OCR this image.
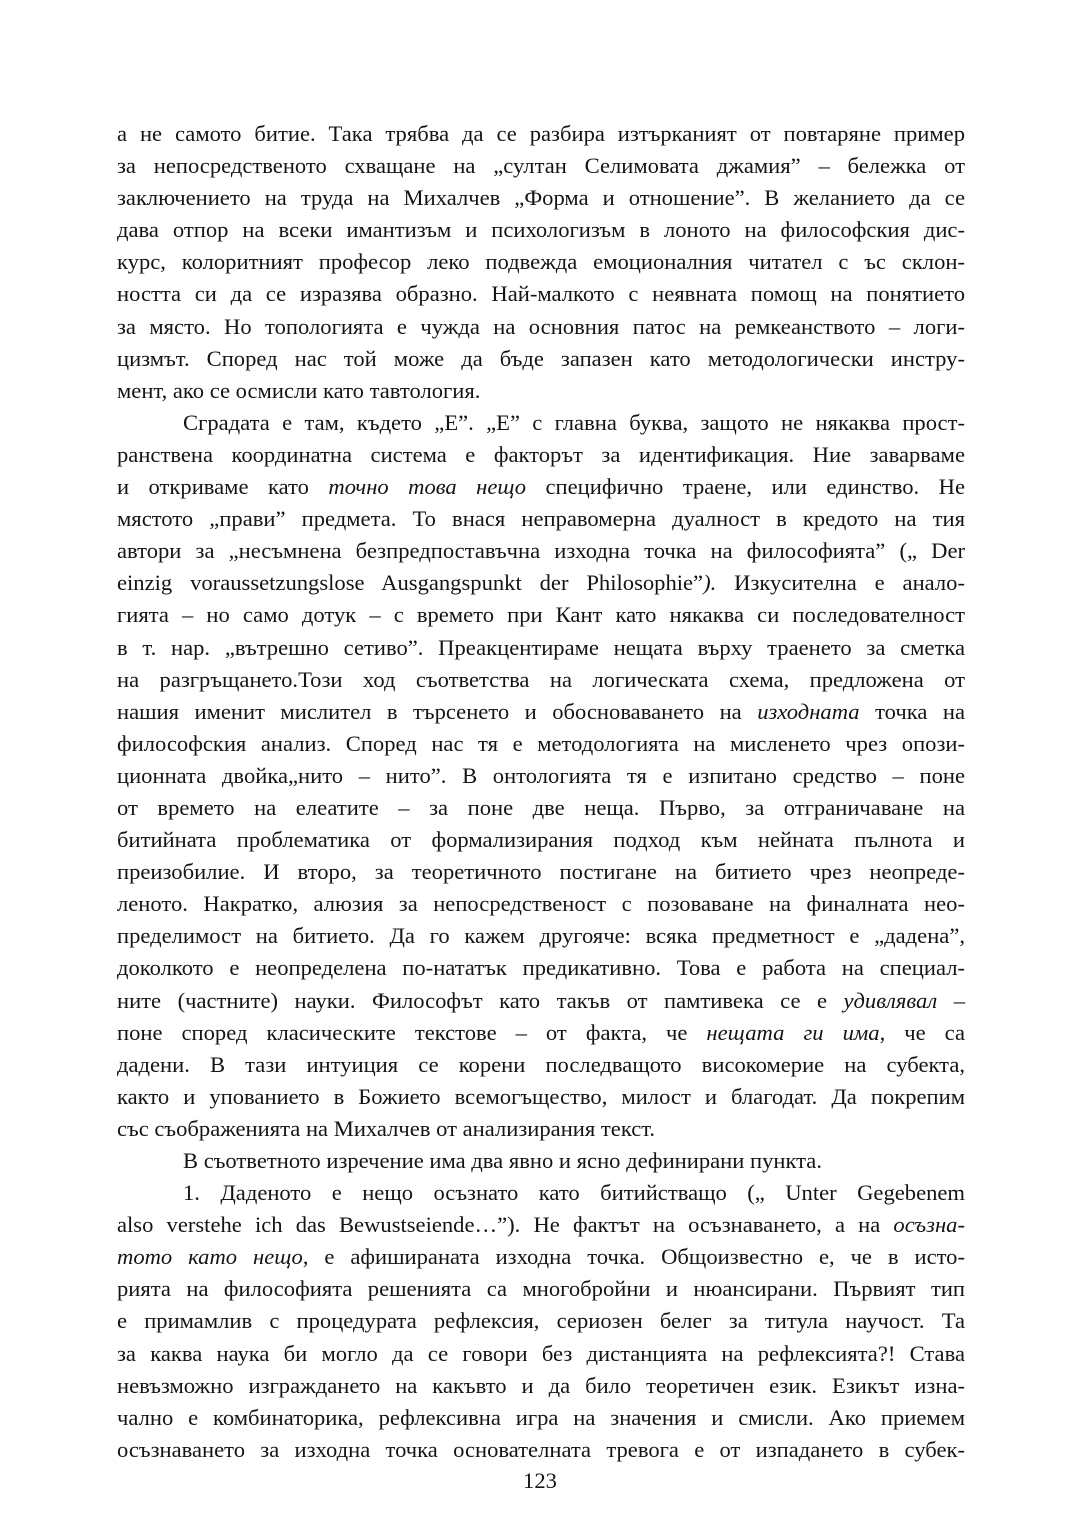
а не самото битие. Така трябва да се разбира изтърканият от повтаряне пример
за непосредственото схващане на „султан Селимовата джамия” – бележка от
заключението на труда на Михалчев „Форма и отношение”. В желанието да се
дава отпор на всеки имантизъм и психологизъм в лоното на философския дис-
курс, колоритният професор леко подвежда емоционалния читател с ъс склон-
ността си да се изразява образно. Най-малкото с неявната помощ на понятието
за място. Но топологията е чужда на основния патос на ремкеанството – логи-
цизмът. Според нас той може да бъде запазен като методологически инстру-
мент, ако се осмисли като тавтология.
Сградата е там, където „Е”. „Е” с главна буква, защото не някаква прост-
ранствена координатна система е факторът за идентификация. Ние заварваме
и откриваме като точно това нещо специфично траене, или единство. Не
мястото „прави” предмета. То внася неправомерна дуалност в кредото на тия
автори за „несъмнена безпредпоставъчна изходна точка на философията” („ Der
einzig voraussetzungslose Ausgangspunkt der Philosophie”). Изкусителна е анало-
гията – но само дотук – с времето при Кант като някаква си последователност
в т. нар. „вътрешно сетиво”. Преакцентираме нещата върху траенето за сметка
на разгръщането.Този ход съответства на логическата схема, предложена от
нашия именит мислител в търсенето и обосноваването на изходната точка на
философския анализ. Според нас тя е методологията на мисленето чрез опози-
ционната двойка„нито – нито”. В онтологията тя е изпитано средство – поне
от времето на елеатите – за поне две неща. Първо, за отграничаване на
битийната проблематика от формализирания подход към нейната пълнота и
преизобилие. И второ, за теоретичното постигане на битието чрез неопреде-
леното. Накратко, алюзия за непосредственост с позоваване на финалната нео-
пределимост на битието. Да го кажем другояче: всяка предметност е „дадена”,
доколкото е неопределена по-нататък предикативно. Това е работа на специал-
ните (частните) науки. Философът като такъв от памтивека се е удивлявал –
поне според класическите текстове – от факта, че нещата ги има, че са
дадени. В тази интуиция се корени последващото високомерие на субекта,
както и упованието в Божието всемогъщество, милост и благодат. Да покрепим
със съображенията на Михалчев от анализирания текст.
В съответното изречение има два явно и ясно дефинирани пункта.
1. Даденото е нещо осъзнато като битийстващо („ Unter Gegebenem
also verstehe ich das Bewustseiende…”). Не фактът на осъзнаването, а на осъзна-
тото като нещо, е афишираната изходна точка. Общоизвестно е, че в исто-
рията на философията решенията са многобройни и нюансирани. Първият тип
е примамлив с процедурата рефлексия, сериозен белег за титула научост. Та
за каква наука би могло да се говори без дистанцията на рефлексията?! Става
невъзможно изграждането на какъвто и да било теоретичен език. Езикът изна-
чално е комбинаторика, рефлексивна игра на значения и смисли. Ако приемем
осъзнаването за изходна точка основателната тревога е от изпадането в субек-
123
